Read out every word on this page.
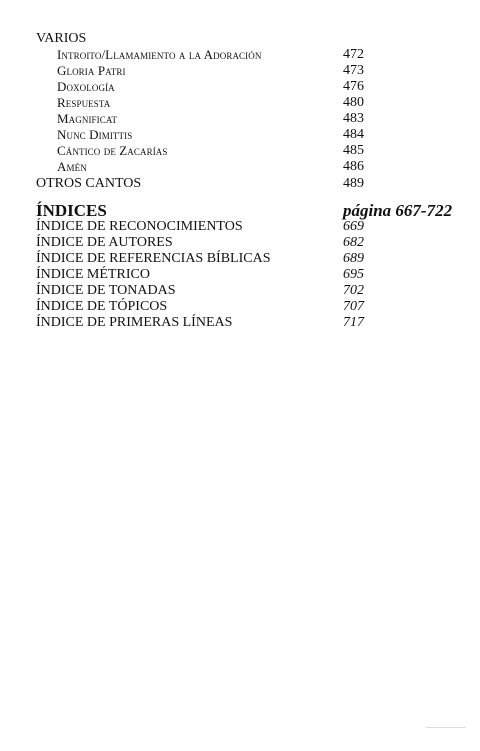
VARIOS
Introito/Llamamiento a la Adoración	472
Gloria Patri	473
Doxología	476
Respuesta	480
Magnificat	483
Nunc Dimittis	484
Cántico de Zacarías	485
Amén	486
OTROS CANTOS	489
ÍNDICES	página 667-722
ÍNDICE DE RECONOCIMIENTOS	669
ÍNDICE DE AUTORES	682
ÍNDICE DE REFERENCIAS BÍBLICAS	689
ÍNDICE MÉTRICO	695
ÍNDICE DE TONADAS	702
ÍNDICE DE TÓPICOS	707
ÍNDICE DE PRIMERAS LÍNEAS	717
